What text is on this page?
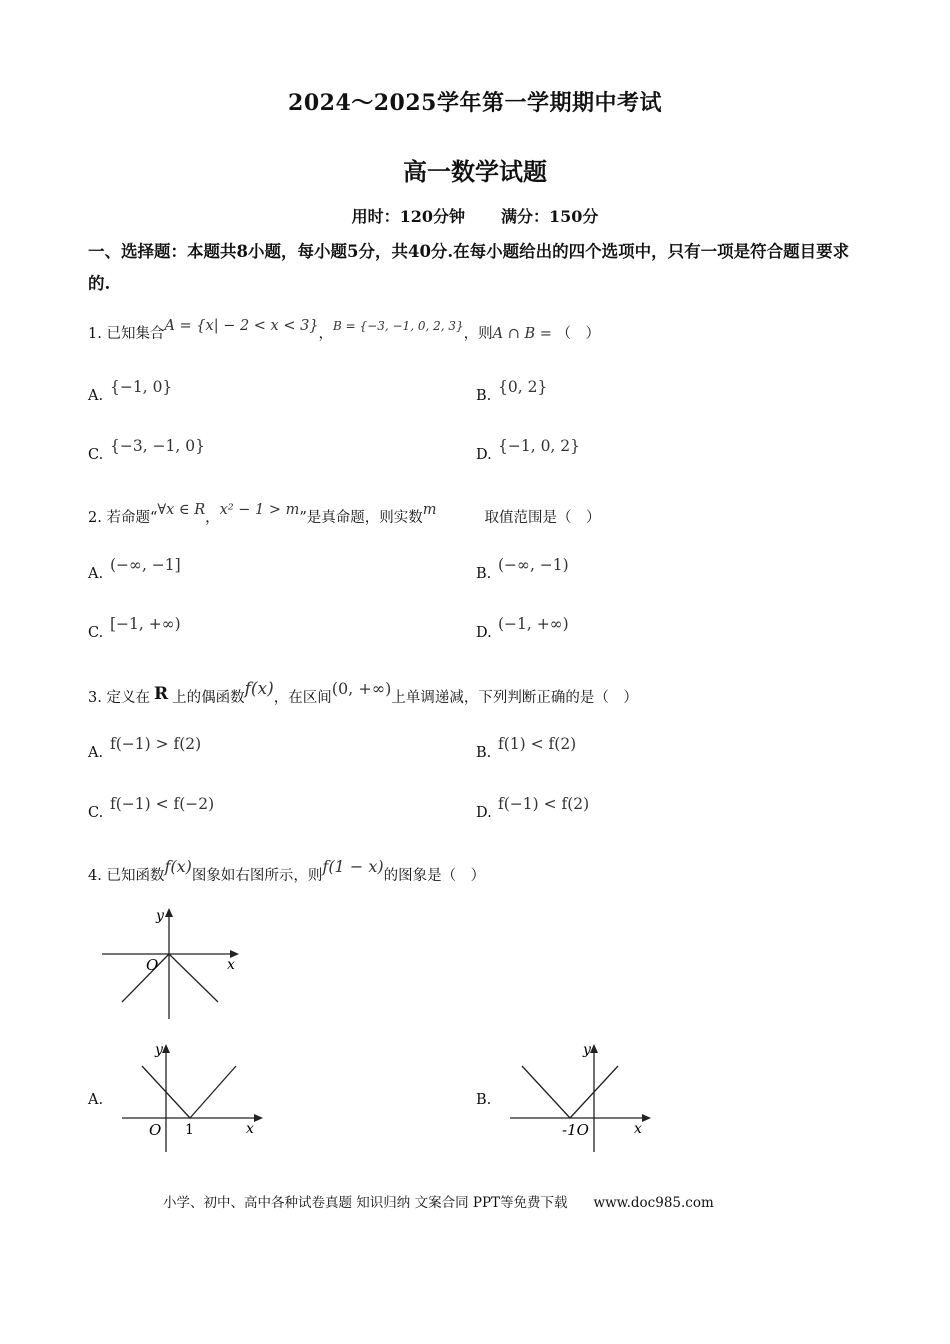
2024～2025学年第一学期期中考试
高一数学试题
用时：120分钟 满分：150分
一、选择题：本题共8小题，每小题5分，共40分.在每小题给出的四个选项中，只有一项是符合题目要求的.
1. 已知集合A = {x| − 2 < x < 3}，$^{B = \{-3, -1, 0, 2, 3\}}$，则A ∩ B = （　）
A. {−1, 0}	B. {0, 2}
C. {−3, −1, 0}	D. {−1, 0, 2}
2. 若命题“∀x ∈ R，x² − 1 > m”是真命题，则实数m	取值范围是（　）
A. (−∞, −1]	B. (−∞, −1)
C. [−1, +∞)	D. (−1, +∞)
3. 定义在 R 上的偶函数f(x)，在区间(0, +∞)上单调递减，下列判断正确的是（　）
A. f(−1) > f(2)	B. f(1) < f(2)
C. f(−1) < f(−2)	D. f(−1) < f(2)
4. 已知函数f(x)图象如右图所示，则f(1 − x)的图象是（　）
y
x
O
A.
y
x
O 1
B.
y
x
-1O
小学、初中、高中各种试卷真题 知识归纳 文案合同 PPT等免费下载 www.doc985.com
